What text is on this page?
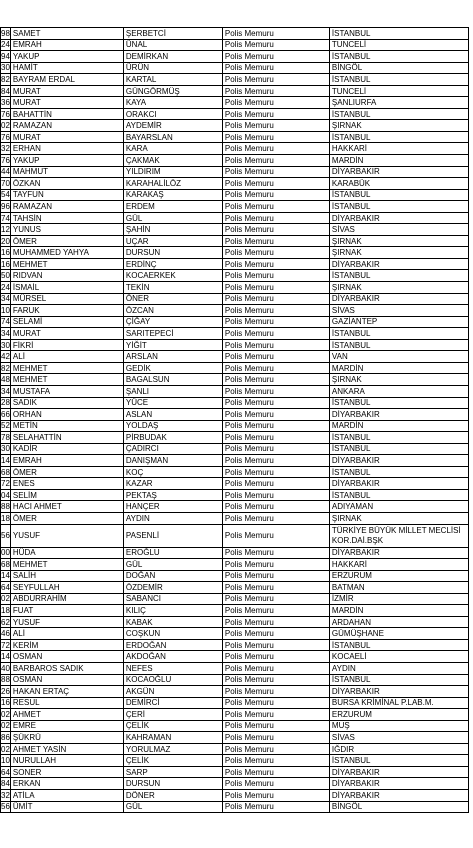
98	SAMET	ŞERBETCİ	Polis Memuru	İSTANBUL
24	EMRAH	ÜNAL	Polis Memuru	TUNCELİ
94	YAKUP	DEMİRKAN	Polis Memuru	İSTANBUL
30	HAMİT	ÜRÜN	Polis Memuru	BİNGÖL
82	BAYRAM ERDAL	KARTAL	Polis Memuru	İSTANBUL
84	MURAT	GÜNGÖRMÜŞ	Polis Memuru	TUNCELİ
36	MURAT	KAYA	Polis Memuru	ŞANLIURFA
76	BAHATTİN	ORAKCI	Polis Memuru	İSTANBUL
02	RAMAZAN	AYDEMİR	Polis Memuru	ŞIRNAK
76	MURAT	BAYARSLAN	Polis Memuru	İSTANBUL
32	ERHAN	KARA	Polis Memuru	HAKKARİ
76	YAKUP	ÇAKMAK	Polis Memuru	MARDİN
44	MAHMUT	YILDIRIM	Polis Memuru	DİYARBAKIR
70	ÖZKAN	KARAHALİLÖZ	Polis Memuru	KARABÜK
54	TAYFUN	KARAKAŞ	Polis Memuru	İSTANBUL
96	RAMAZAN	ERDEM	Polis Memuru	İSTANBUL
74	TAHSİN	GÜL	Polis Memuru	DİYARBAKIR
12	YUNUS	ŞAHİN	Polis Memuru	SİVAS
20	ÖMER	UÇAR	Polis Memuru	ŞIRNAK
16	MUHAMMED YAHYA	DURSUN	Polis Memuru	ŞIRNAK
16	MEHMET	ERDİNÇ	Polis Memuru	DİYARBAKIR
50	RIDVAN	KOCAERKEK	Polis Memuru	İSTANBUL
24	İSMAİL	TEKİN	Polis Memuru	ŞIRNAK
34	MÜRSEL	ÖNER	Polis Memuru	DİYARBAKIR
10	FARUK	ÖZCAN	Polis Memuru	SİVAS
74	SELAMİ	ÇİĞAY	Polis Memuru	GAZİANTEP
34	MURAT	SARITEPECİ	Polis Memuru	İSTANBUL
30	FİKRİ	YİĞİT	Polis Memuru	İSTANBUL
42	ALİ	ARSLAN	Polis Memuru	VAN
82	MEHMET	GEDİK	Polis Memuru	MARDİN
48	MEHMET	BAGALSUN	Polis Memuru	ŞIRNAK
34	MUSTAFA	ŞANLI	Polis Memuru	ANKARA
28	SADIK	YÜCE	Polis Memuru	İSTANBUL
66	ORHAN	ASLAN	Polis Memuru	DİYARBAKIR
52	METİN	YOLDAŞ	Polis Memuru	MARDİN
78	SELAHATTİN	PİRBUDAK	Polis Memuru	İSTANBUL
30	KADİR	ÇADIRCI	Polis Memuru	İSTANBUL
14	EMRAH	DANIŞMAN	Polis Memuru	DİYARBAKIR
68	ÖMER	KOÇ	Polis Memuru	İSTANBUL
72	ENES	KAZAR	Polis Memuru	DİYARBAKIR
04	SELİM	PEKTAŞ	Polis Memuru	İSTANBUL
88	HACI AHMET	HANÇER	Polis Memuru	ADIYAMAN
18	ÖMER	AYDIN	Polis Memuru	ŞIRNAK
56	YUSUF	PASENLİ	Polis Memuru	TÜRKİYE BÜYÜK MİLLET MECLİSİ KOR.DAİ.BŞK
00	HÜDA	EROĞLU	Polis Memuru	DİYARBAKIR
68	MEHMET	GÜL	Polis Memuru	HAKKARİ
14	SALİH	DOĞAN	Polis Memuru	ERZURUM
64	SEYFULLAH	ÖZDEMİR	Polis Memuru	BATMAN
02	ABDURRAHİM	SABANCI	Polis Memuru	İZMİR
18	FUAT	KILIÇ	Polis Memuru	MARDİN
62	YUSUF	KABAK	Polis Memuru	ARDAHAN
46	ALİ	COŞKUN	Polis Memuru	GÜMÜŞHANE
72	KERİM	ERDOĞAN	Polis Memuru	İSTANBUL
14	OSMAN	AKDOĞAN	Polis Memuru	KOCAELİ
40	BARBAROS SADIK	NEFES	Polis Memuru	AYDIN
88	OSMAN	KOCAOĞLU	Polis Memuru	İSTANBUL
26	HAKAN ERTAÇ	AKGÜN	Polis Memuru	DİYARBAKIR
16	RESUL	DEMİRCİ	Polis Memuru	BURSA KRİMİNAL P.LAB.M.
02	AHMET	ÇERİ	Polis Memuru	ERZURUM
02	EMRE	ÇELİK	Polis Memuru	MUŞ
86	ŞÜKRÜ	KAHRAMAN	Polis Memuru	SİVAS
02	AHMET YASİN	YORULMAZ	Polis Memuru	IĞDIR
10	NURULLAH	ÇELİK	Polis Memuru	İSTANBUL
64	SONER	SARP	Polis Memuru	DİYARBAKIR
84	ERKAN	DURSUN	Polis Memuru	DİYARBAKIR
32	ATİLA	DÖNER	Polis Memuru	DİYARBAKIR
56	ÜMİT	GÜL	Polis Memuru	BİNGÖL
